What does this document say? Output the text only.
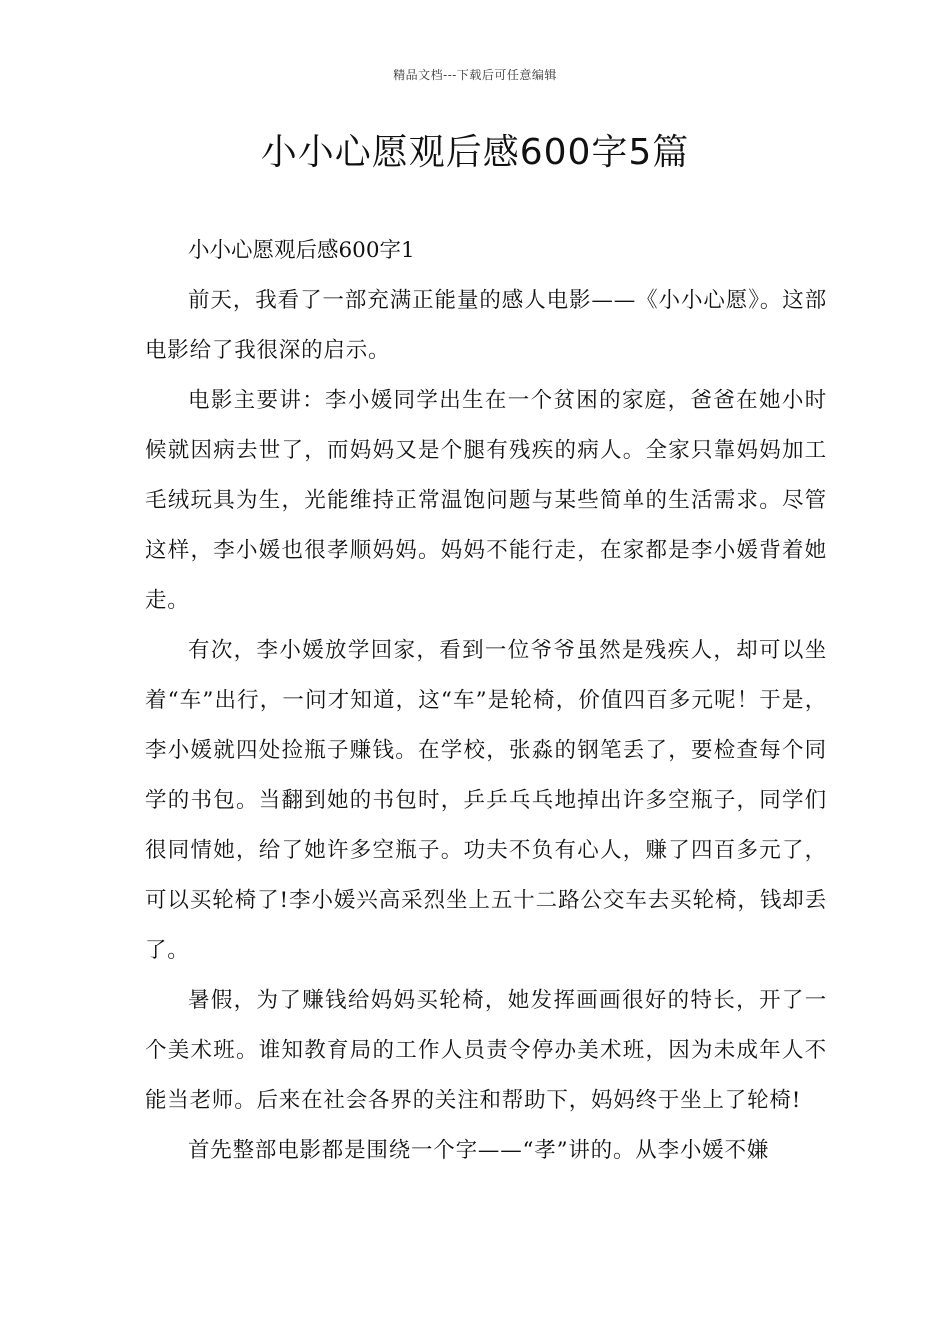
精品文档---下载后可任意编辑
小小心愿观后感600字5篇

小小心愿观后感600字1

前天，我看了一部充满正能量的感人电影——《小小心愿》。这部电影给了我很深的启示。

电影主要讲：李小媛同学出生在一个贫困的家庭，爸爸在她小时候就因病去世了，而妈妈又是个腿有残疾的病人。全家只靠妈妈加工毛绒玩具为生，光能维持正常温饱问题与某些简单的生活需求。尽管这样，李小媛也很孝顺妈妈。妈妈不能行走，在家都是李小媛背着她走。

有次，李小媛放学回家，看到一位爷爷虽然是残疾人，却可以坐着“车”出行，一问才知道，这“车”是轮椅，价值四百多元呢！于是，李小媛就四处捡瓶子赚钱。在学校，张淼的钢笔丢了，要检查每个同学的书包。当翻到她的书包时，乒乒乓乓地掉出许多空瓶子，同学们很同情她，给了她许多空瓶子。功夫不负有心人，赚了四百多元了，可以买轮椅了!李小媛兴高采烈坐上五十二路公交车去买轮椅，钱却丢了。

暑假，为了赚钱给妈妈买轮椅，她发挥画画很好的特长，开了一个美术班。谁知教育局的工作人员责令停办美术班，因为未成年人不能当老师。后来在社会各界的关注和帮助下，妈妈终于坐上了轮椅!

首先整部电影都是围绕一个字——“孝”讲的。从李小媛不嫌
